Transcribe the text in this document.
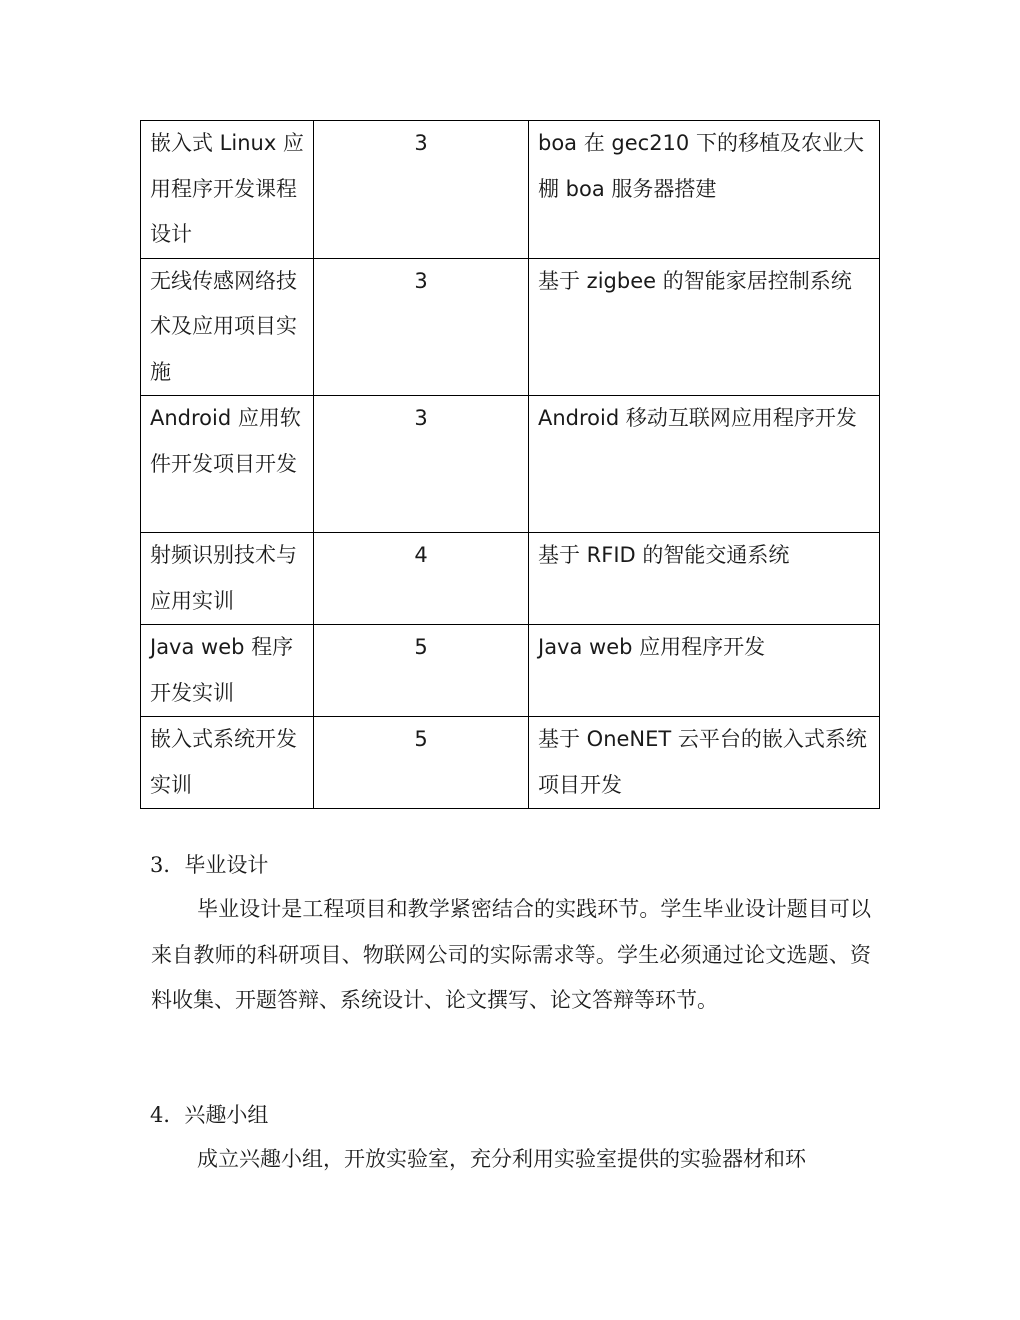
嵌入式 Linux 应用程序开发课程设计	3	boa 在 gec210 下的移植及农业大棚 boa 服务器搭建
无线传感网络技术及应用项目实施	3	基于 zigbee 的智能家居控制系统
Android 应用软件开发项目开发	3	Android 移动互联网应用程序开发
射频识别技术与应用实训	4	基于 RFID 的智能交通系统
Java web 程序开发实训	5	Java web 应用程序开发
嵌入式系统开发实训	5	基于 OneNET 云平台的嵌入式系统项目开发
3．毕业设计
毕业设计是工程项目和教学紧密结合的实践环节。学生毕业设计题目可以来自教师的科研项目、物联网公司的实际需求等。学生必须通过论文选题、资料收集、开题答辩、系统设计、论文撰写、论文答辩等环节。
4．兴趣小组
成立兴趣小组，开放实验室，充分利用实验室提供的实验器材和环
